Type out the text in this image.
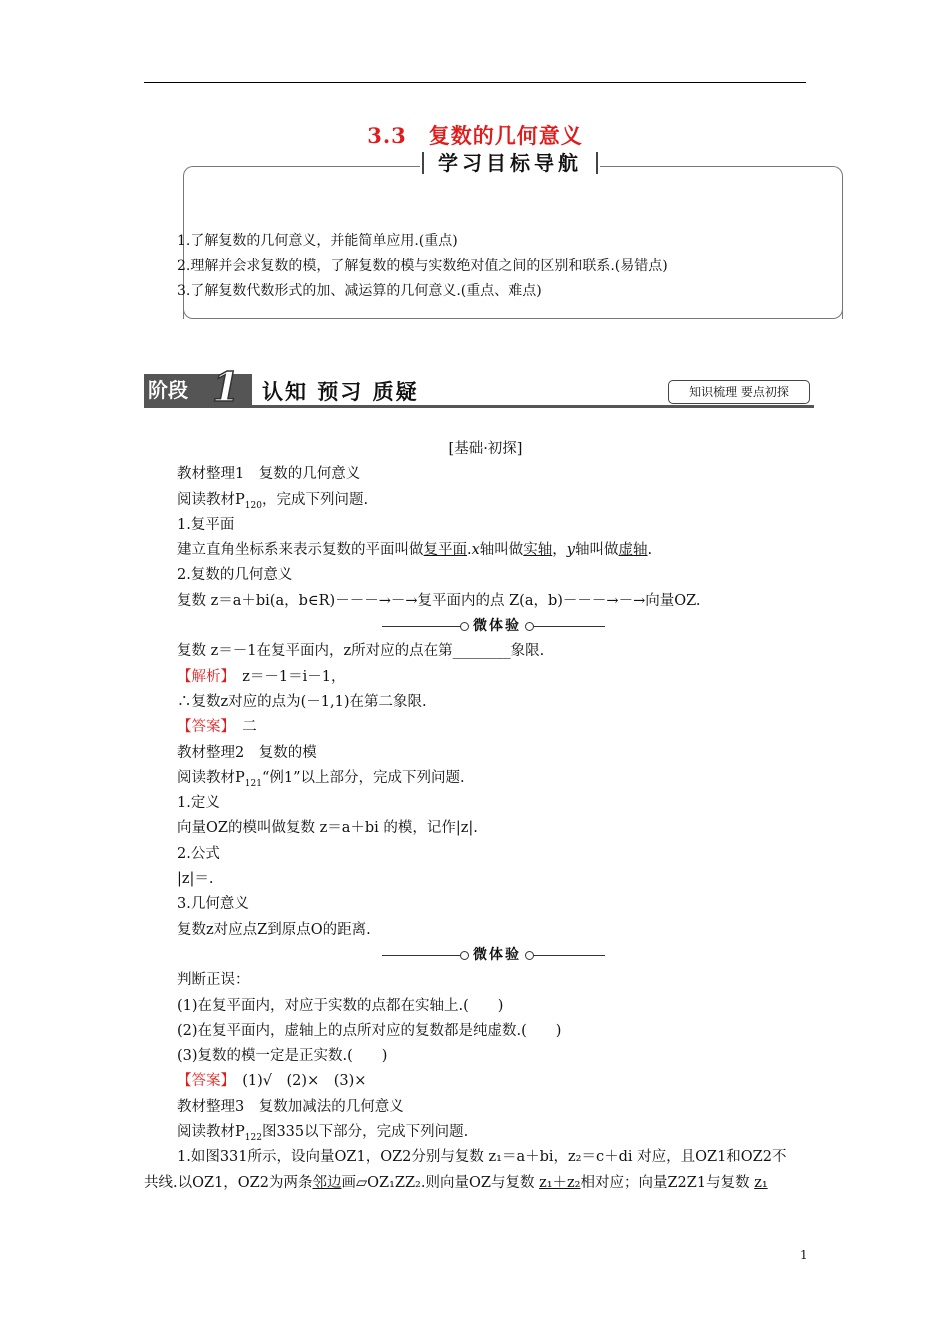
3.3　复数的几何意义
学习目标导航
1.了解复数的几何意义，并能简单应用.(重点)
2.理解并会求复数的模，了解复数的模与实数绝对值之间的区别和联系.(易错点)
3.了解复数代数形式的加、减运算的几何意义.(重点、难点)
阶段 1 认知 预习 质疑	知识梳理 要点初探
[基础·初探]
教材整理1　复数的几何意义
阅读教材$P_{120}$，完成下列问题.
1.复平面
建立直角坐标系来表示复数的平面叫做复平面.x轴叫做实轴，y轴叫做虚轴.
2.复数的几何意义
复数 z＝a＋bi(a，b∈R)－－－→－→复平面内的点 Z(a，b)－－－→－→向量OZ.
微体验
复数 z＝－1在复平面内，z所对应的点在第________象限.
【解析】　z＝－1＝i－1，
∴复数z对应的点为(－1,1)在第二象限.
【答案】　二
教材整理2　复数的模
阅读教材$P_{121}“$例1”以上部分，完成下列问题.
1.定义
向量OZ的模叫做复数 z＝a＋bi 的模，记作|z|.
2.公式
|z|＝.
3.几何意义
复数z对应点Z到原点O的距离.
微体验
判断正误：
(1)在复平面内，对应于实数的点都在实轴上.(　　)
(2)在复平面内，虚轴上的点所对应的复数都是纯虚数.(　　)
(3)复数的模一定是正实数.(　　)
【答案】　(1)√　(2)×　(3)×
教材整理3　复数加减法的几何意义
阅读教材$P_{122}$图335以下部分，完成下列问题.
1.如图331所示，设向量OZ1，OZ2分别与复数 z₁＝a＋bi，z₂＝c＋di 对应，且OZ1和OZ2不
共线.以OZ1，OZ2为两条邻边画▱OZ₁ZZ₂.则向量OZ与复数 z₁＋z₂相对应；向量Z2Z1与复数 z₁
1
